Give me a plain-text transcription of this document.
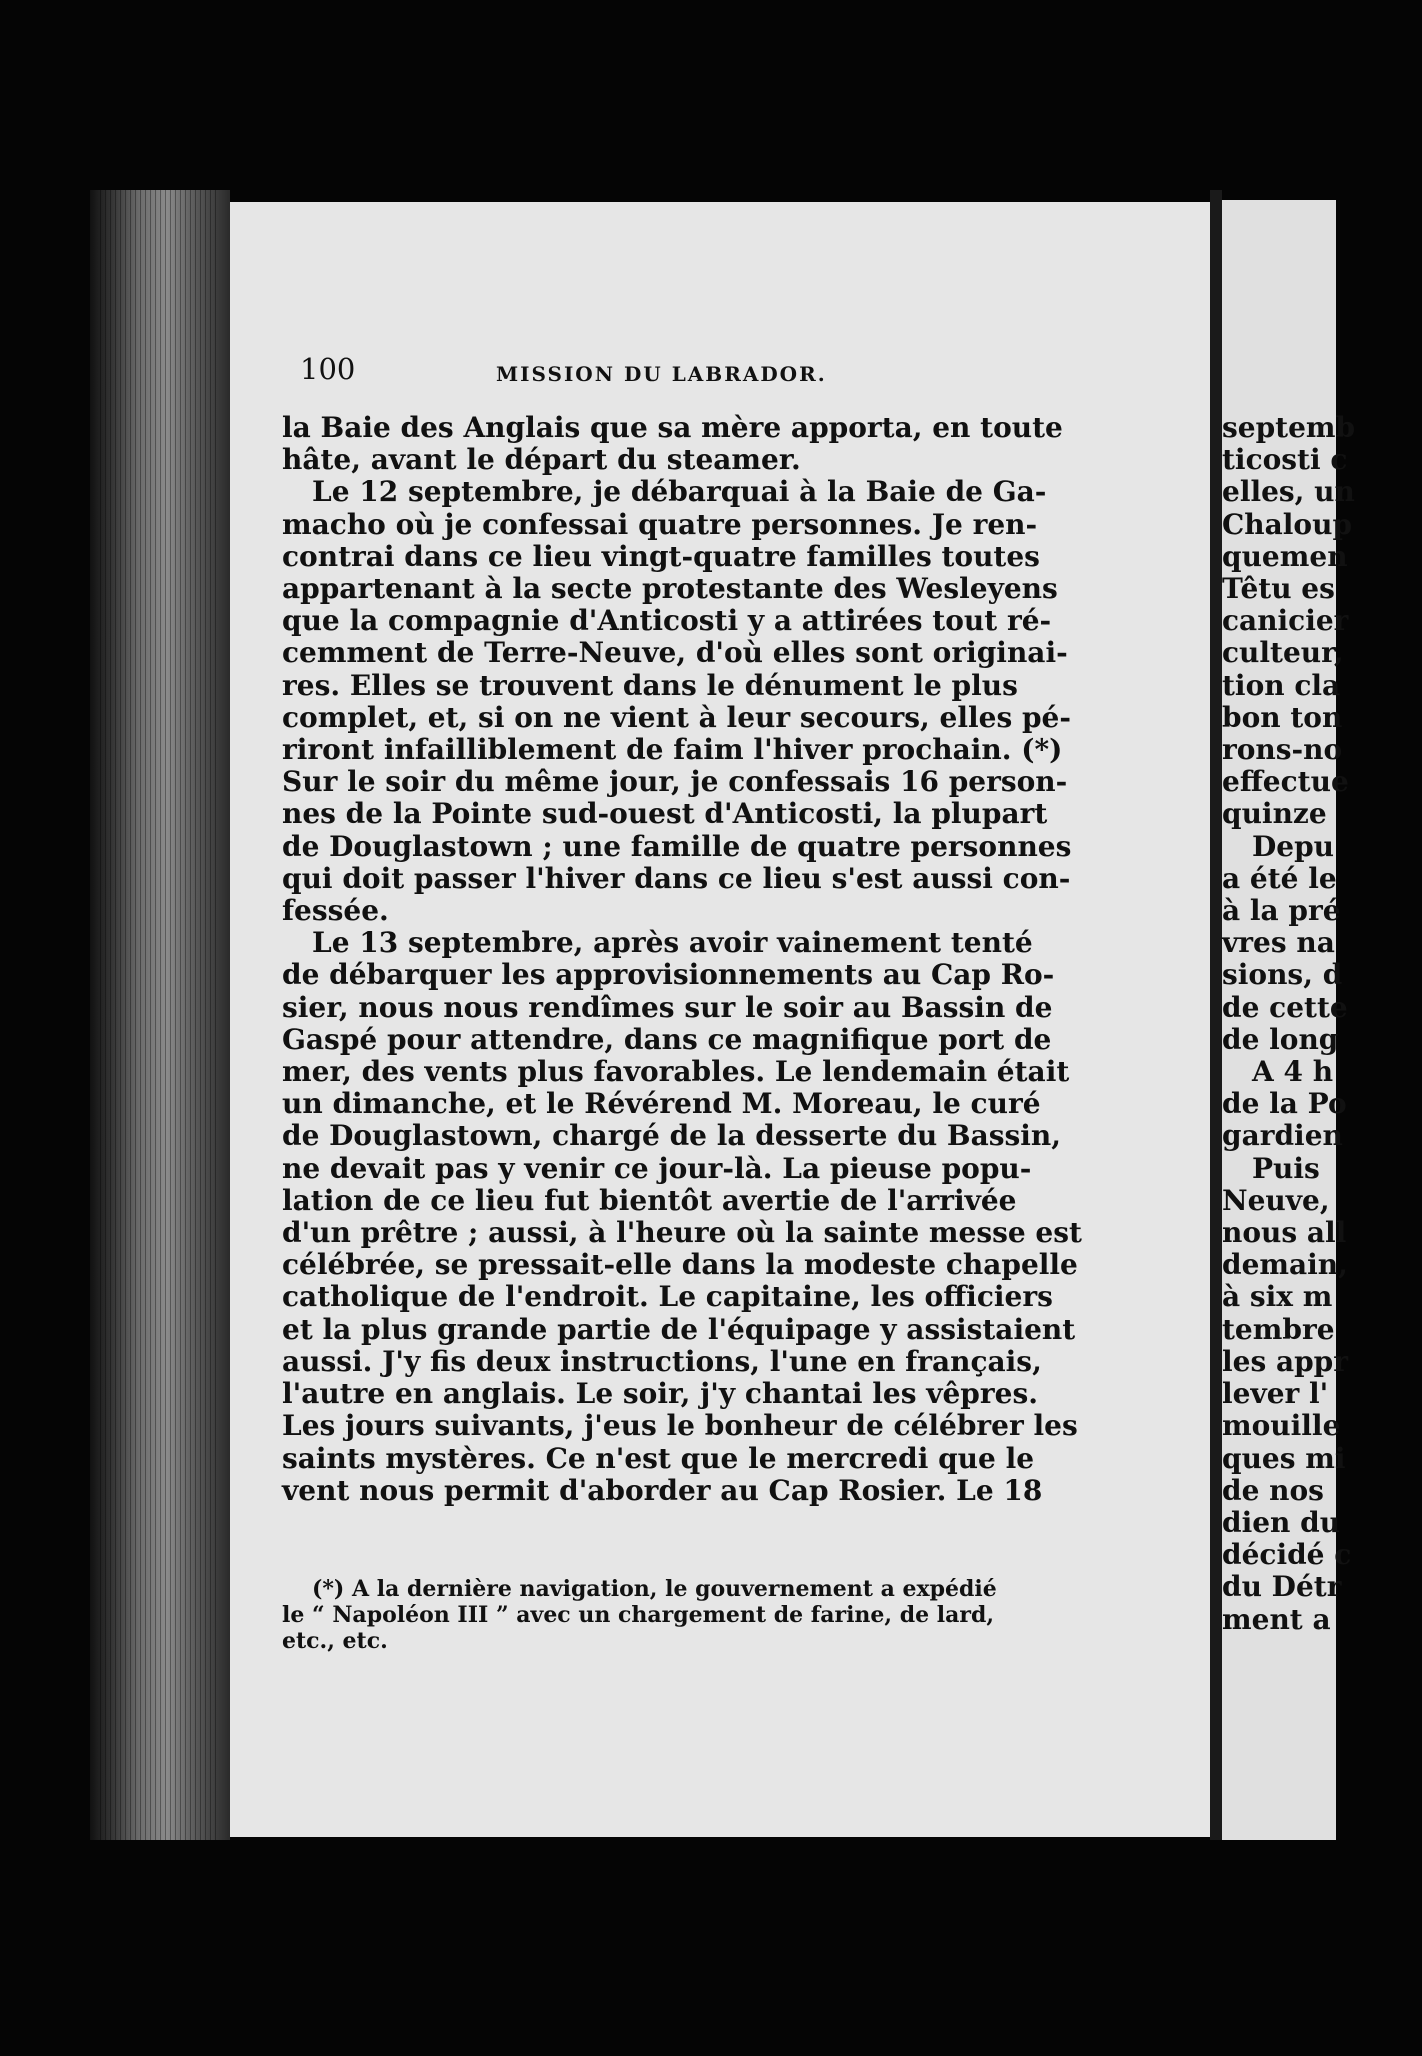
100	MISSION DU LABRADOR.
la Baie des Anglais que sa mère apporta, en toute
hâte, avant le départ du steamer.
Le 12 septembre, je débarquai à la Baie de Ga-
macho où je confessai quatre personnes. Je ren-
contrai dans ce lieu vingt-quatre familles toutes
appartenant à la secte protestante des Wesleyens
que la compagnie d'Anticosti y a attirées tout ré-
cemment de Terre-Neuve, d'où elles sont originai-
res. Elles se trouvent dans le dénument le plus
complet, et, si on ne vient à leur secours, elles pé-
riront infailliblement de faim l'hiver prochain. (*)
Sur le soir du même jour, je confessais 16 person-
nes de la Pointe sud-ouest d'Anticosti, la plupart
de Douglastown ; une famille de quatre personnes
qui doit passer l'hiver dans ce lieu s'est aussi con-
fessée.
Le 13 septembre, après avoir vainement tenté
de débarquer les approvisionnements au Cap Ro-
sier, nous nous rendîmes sur le soir au Bassin de
Gaspé pour attendre, dans ce magnifique port de
mer, des vents plus favorables. Le lendemain était
un dimanche, et le Révérend M. Moreau, le curé
de Douglastown, chargé de la desserte du Bassin,
ne devait pas y venir ce jour-là. La pieuse popu-
lation de ce lieu fut bientôt avertie de l'arrivée
d'un prêtre ; aussi, à l'heure où la sainte messe est
célébrée, se pressait-elle dans la modeste chapelle
catholique de l'endroit. Le capitaine, les officiers
et la plus grande partie de l'équipage y assistaient
aussi. J'y fis deux instructions, l'une en français,
l'autre en anglais. Le soir, j'y chantai les vêpres.
Les jours suivants, j'eus le bonheur de célébrer les
saints mystères. Ce n'est que le mercredi que le
vent nous permit d'aborder au Cap Rosier. Le 18
(*) A la dernière navigation, le gouvernement a expédié
le “ Napoléon III ” avec un chargement de farine, de lard,
etc., etc.
septemb
ticosti c
elles, un
Chaloup
quemen
Têtu es
canicier
culteur,
tion cla
bon ton
rons-no
effectue
quinze
Depu
a été le
à la pré
vres na
sions, d
de cette
de long
A 4 h
de la Po
gardien
Puis
Neuve,
nous all
demain,
à six m
tembre
les appr
lever l'
mouille
ques mi
de nos
dien du
décidé c
du Détr
ment a
